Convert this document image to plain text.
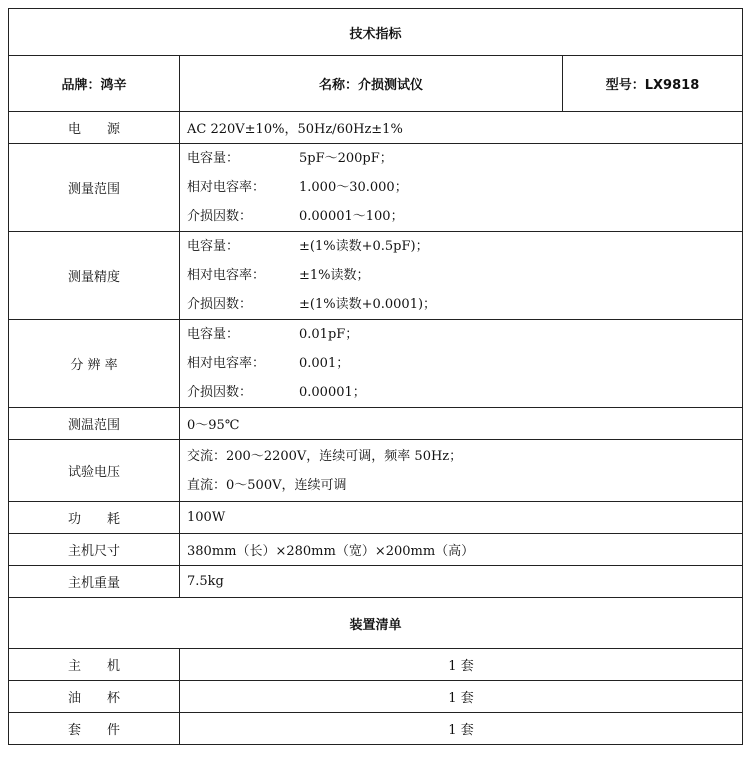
技术指标		
品牌：鸿辛	名称：介损测试仪	型号：LX9818
电　　源	AC 220V±10%，50Hz/60Hz±1%	
测量范围	电容量： 5pF～200pF；
相对电容率： 1.000～30.000；
介损因数： 0.00001～100；	

测量精度	电容量： ±(1%读数+0.5pF)；
相对电容率： ±1%读数；
介损因数： ±(1%读数+0.0001)；	

分 辨 率	电容量： 0.01pF；
相对电容率： 0.001；
介损因数： 0.00001；	

测温范围	0～95℃	
试验电压	交流：200～2200V，连续可调，频率 50Hz；
直流：0～500V，连续可调	

功　　耗	100W	
主机尺寸	380mm（长）×280mm（宽）×200mm（高）	
主机重量	7.5kg	
装置清单		
主　　机	1 套	
油　　杯	1 套	
套　　件	1 套	
